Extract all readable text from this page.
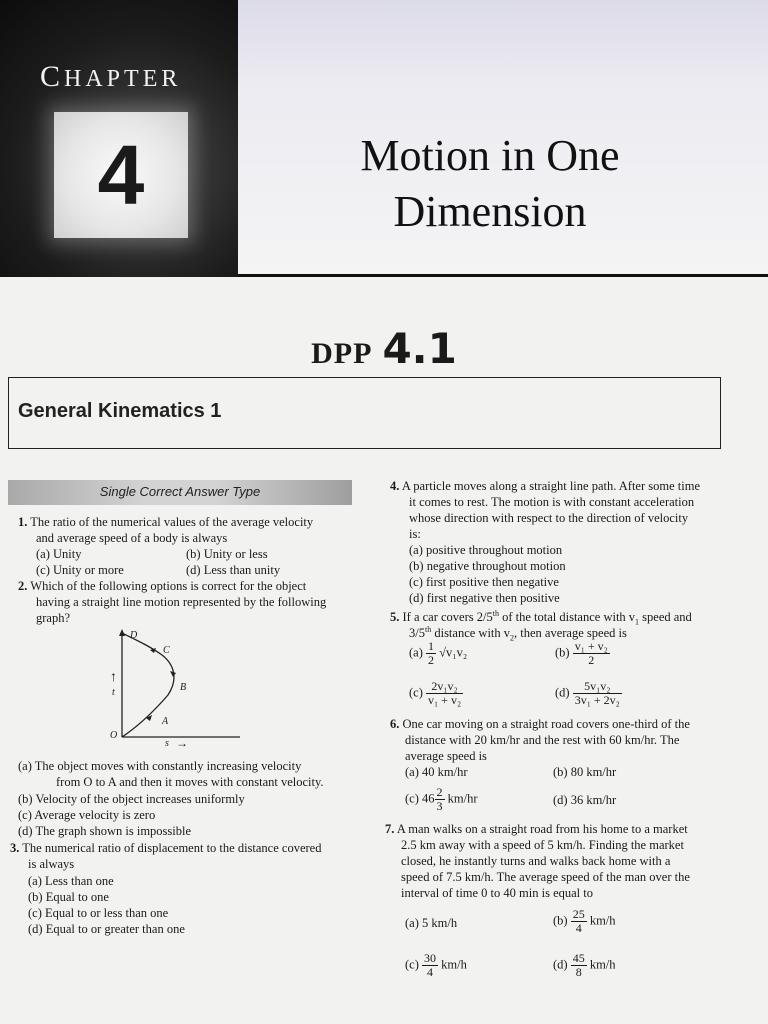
CHAPTER
4	Motion in One
Dimension
DPP 4.1
General Kinematics 1
Single Correct Answer Type
1. The ratio of the numerical values of the average velocity
and average speed of a body is always
(a) Unity	(b) Unity or less
(c) Unity or more	(d) Less than unity
2. Which of the following options is correct for the object
having a straight line motion represented by the following
graph?
D
C
B
A
O
↑
t
s →
(a) The object moves with constantly increasing velocity
from O to A and then it moves with constant velocity.
(b) Velocity of the object increases uniformly
(c) Average velocity is zero
(d) The graph shown is impossible
3. The numerical ratio of displacement to the distance covered
is always
(a) Less than one
(b) Equal to one
(c) Equal to or less than one
(d) Equal to or greater than one
4. A particle moves along a straight line path. After some time
it comes to rest. The motion is with constant acceleration
whose direction with respect to the direction of velocity
is:
(a) positive throughout motion
(b) negative throughout motion
(c) first positive then negative
(d) first negative then positive
5. If a car covers 2/5th of the total distance with $v_1$ speed and
3/5th distance with $v_2$, then average speed is
$(a) \frac{1}{2} √v_1v_2$	$(b) \frac{\text{v₁ + v₂}}{2}$
$(c) \frac{\text{2v₁v₂}}{\text{v₁ + v₂}}$	$(d) \frac{\text{5v₁v₂}}{\text{3v₁ + 2v₂}}$
6. One car moving on a straight road covers one-third of the
distance with 20 km/hr and the rest with 60 km/hr. The
average speed is
(a) 40 km/hr	(b) 80 km/hr
(c) $46 \frac{2}{3} km/hr$	(d) 36 km/hr
7. A man walks on a straight road from his home to a market
2.5 km away with a speed of 5 km/h. Finding the market
closed, he instantly turns and walks back home with a
speed of 7.5 km/h. The average speed of the man over the
interval of time 0 to 40 min is equal to
(a) 5 km/h	$(b) \frac{25}{4} km/h$
$(c) \frac{30}{4} km/h$	$(d) \frac{45}{8} km/h$
